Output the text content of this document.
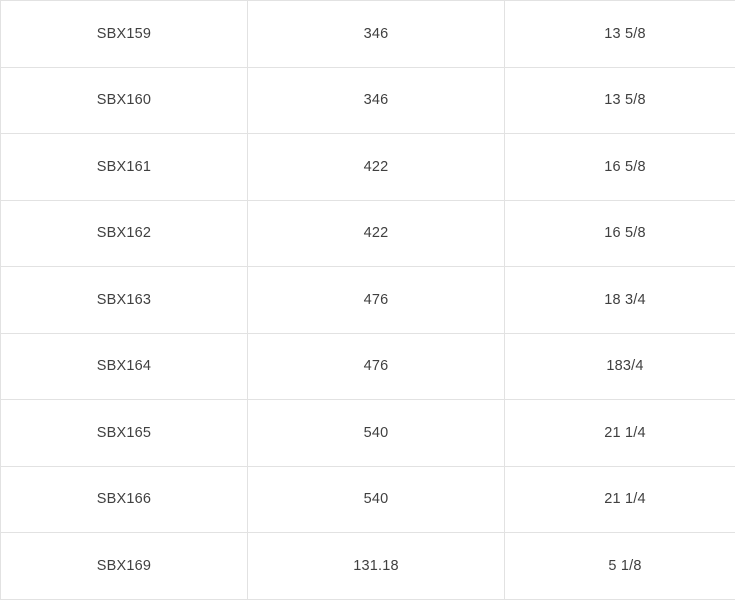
SBX159	346	13 5/8
SBX160	346	13 5/8
SBX161	422	16 5/8
SBX162	422	16 5/8
SBX163	476	18 3/4
SBX164	476	183/4
SBX165	540	21 1/4
SBX166	540	21 1/4
SBX169	131.18	5 1/8
